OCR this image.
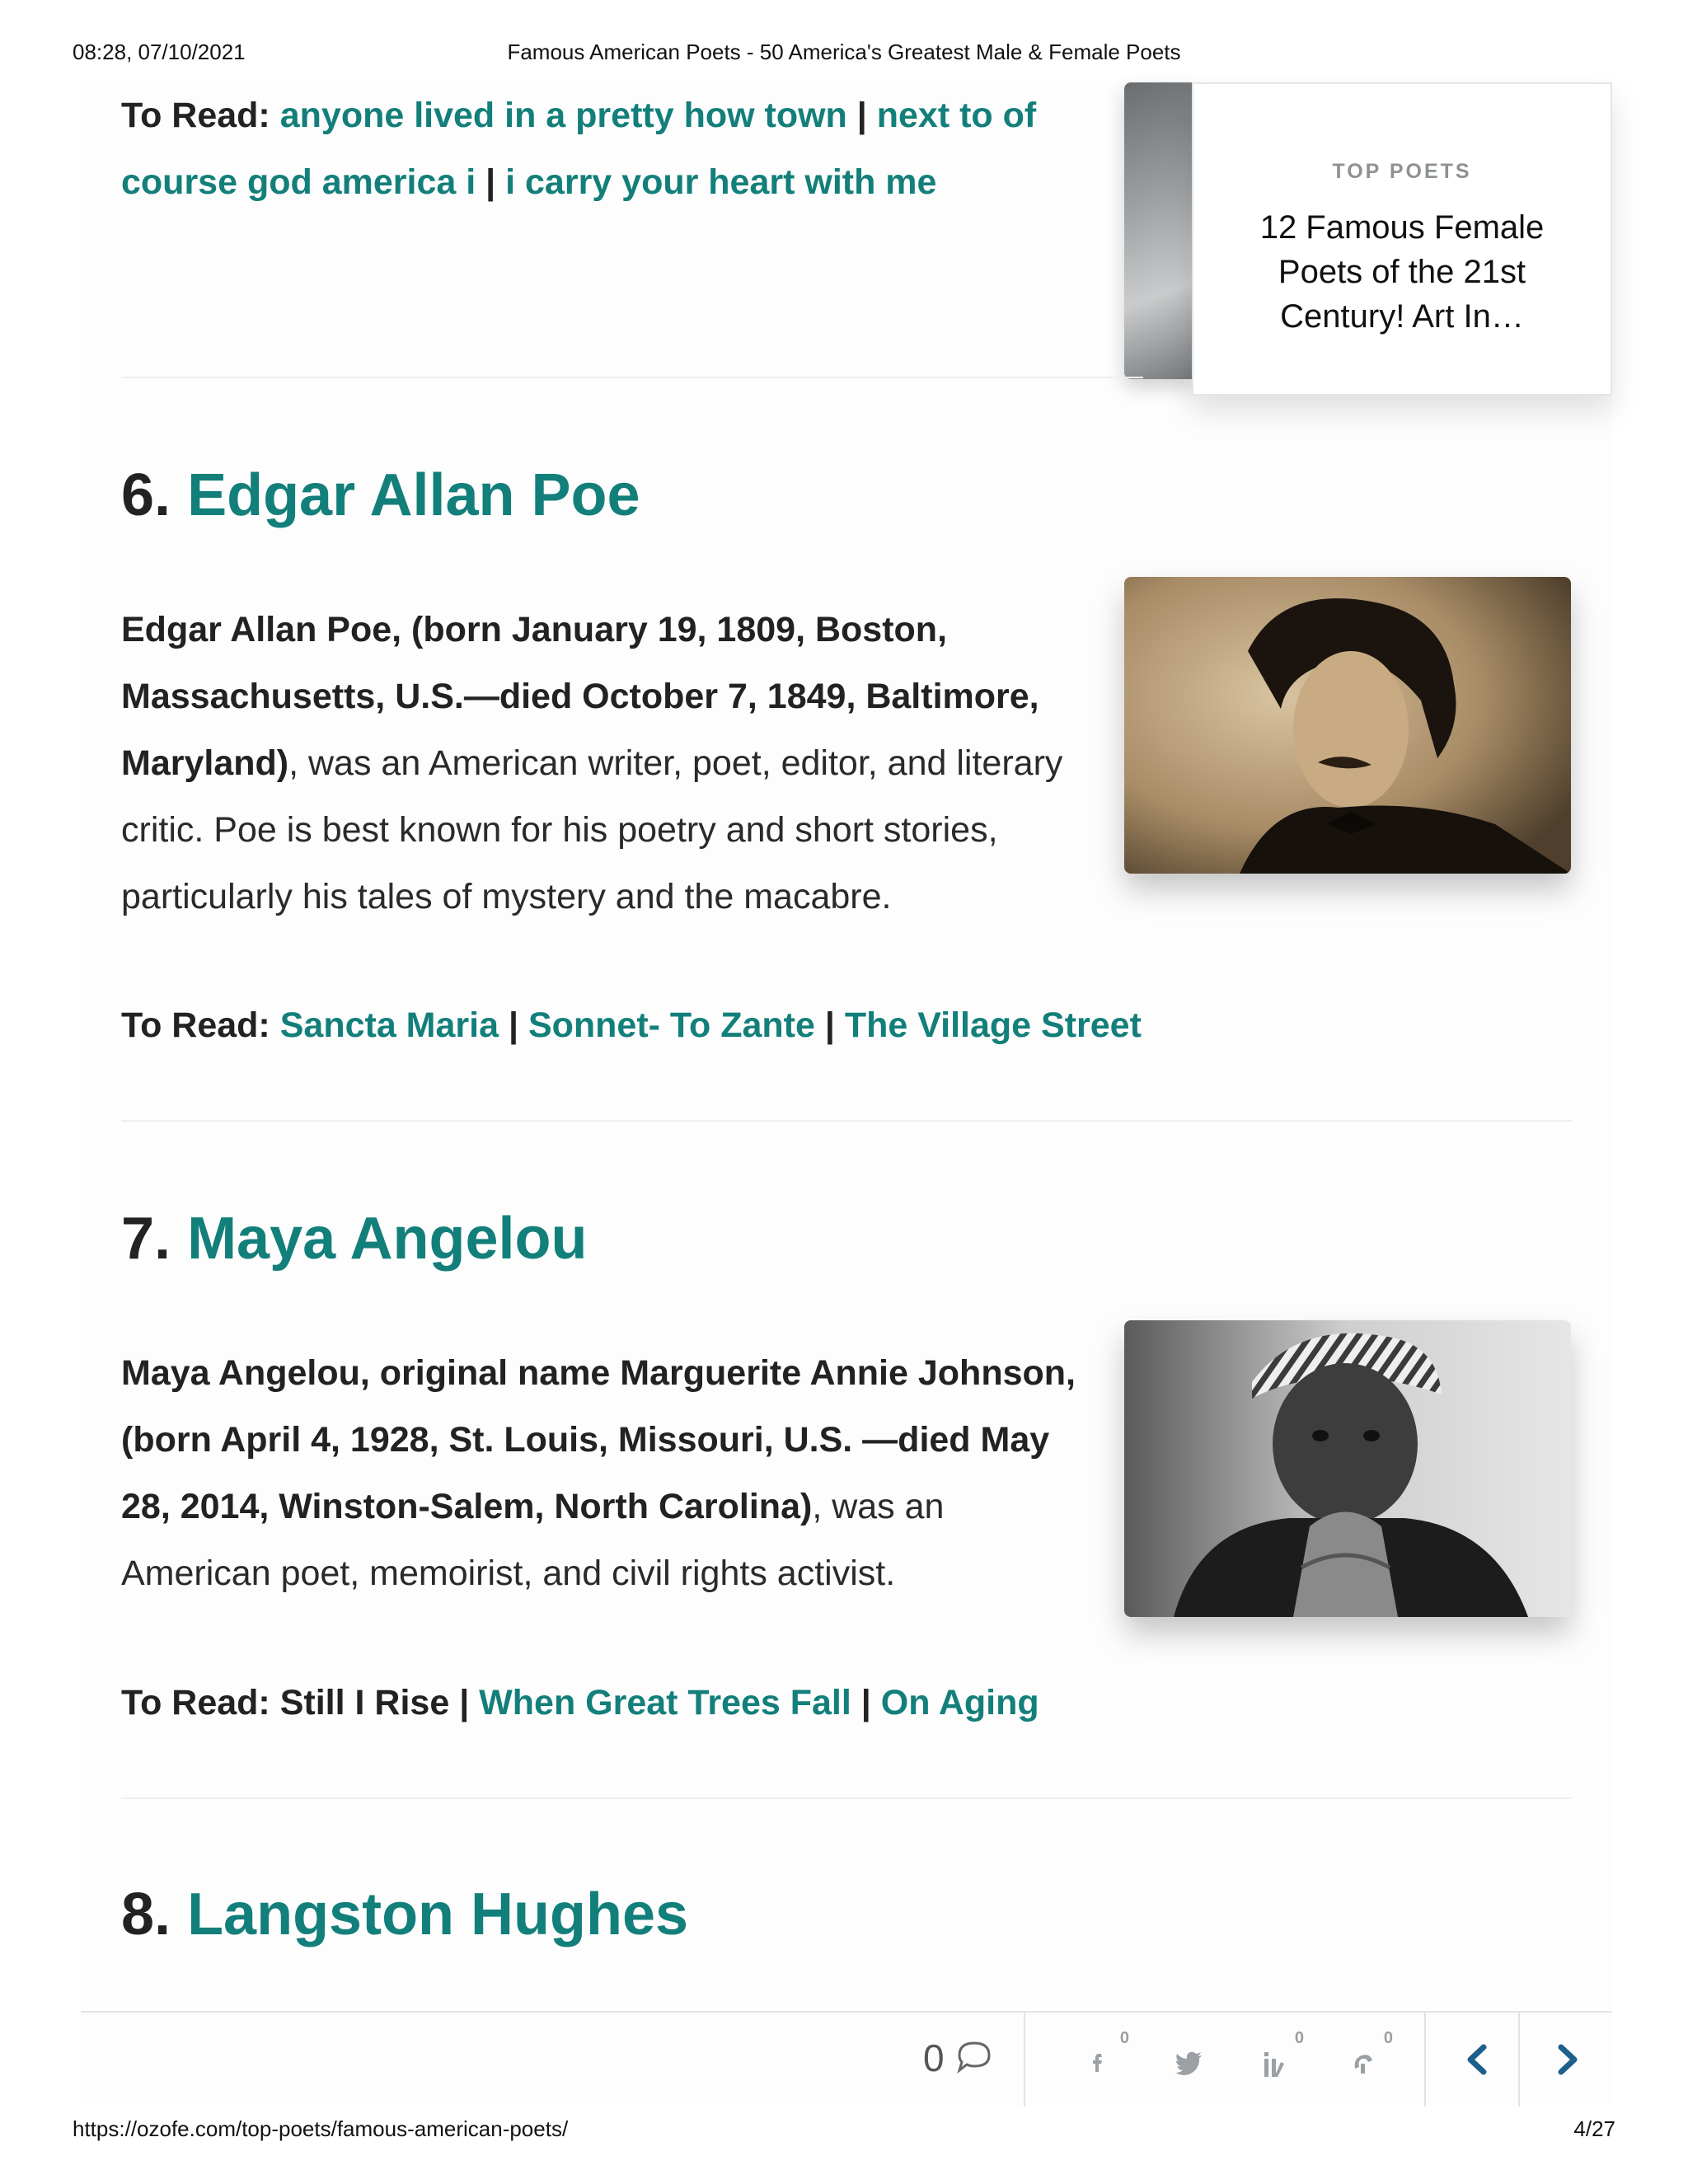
08:28, 07/10/2021	Famous American Poets - 50 America's Greatest Male & Female Poets
To Read: anyone lived in a pretty how town | next to of course god america i | i carry your heart with me	TOP POETS
12 Famous Female Poets of the 21st Century! Art In…
6. Edgar Allan Poe
Edgar Allan Poe, (born January 19, 1809, Boston, Massachusetts, U.S.—died October 7, 1849, Baltimore, Maryland), was an American writer, poet, editor, and literary critic. Poe is best known for his poetry and short stories, particularly his tales of mystery and the macabre.
To Read: Sancta Maria | Sonnet- To Zante | The Village Street
7. Maya Angelou
Maya Angelou, original name Marguerite Annie Johnson, (born April 4, 1928, St. Louis, Missouri, U.S. —died May 28, 2014, Winston-Salem, North Carolina), was an American poet, memoirist, and civil rights activist.
To Read: Still I Rise | When Great Trees Fall | On Aging
8. Langston Hughes
0	0	0	0
https://ozofe.com/top-poets/famous-american-poets/	4/27
